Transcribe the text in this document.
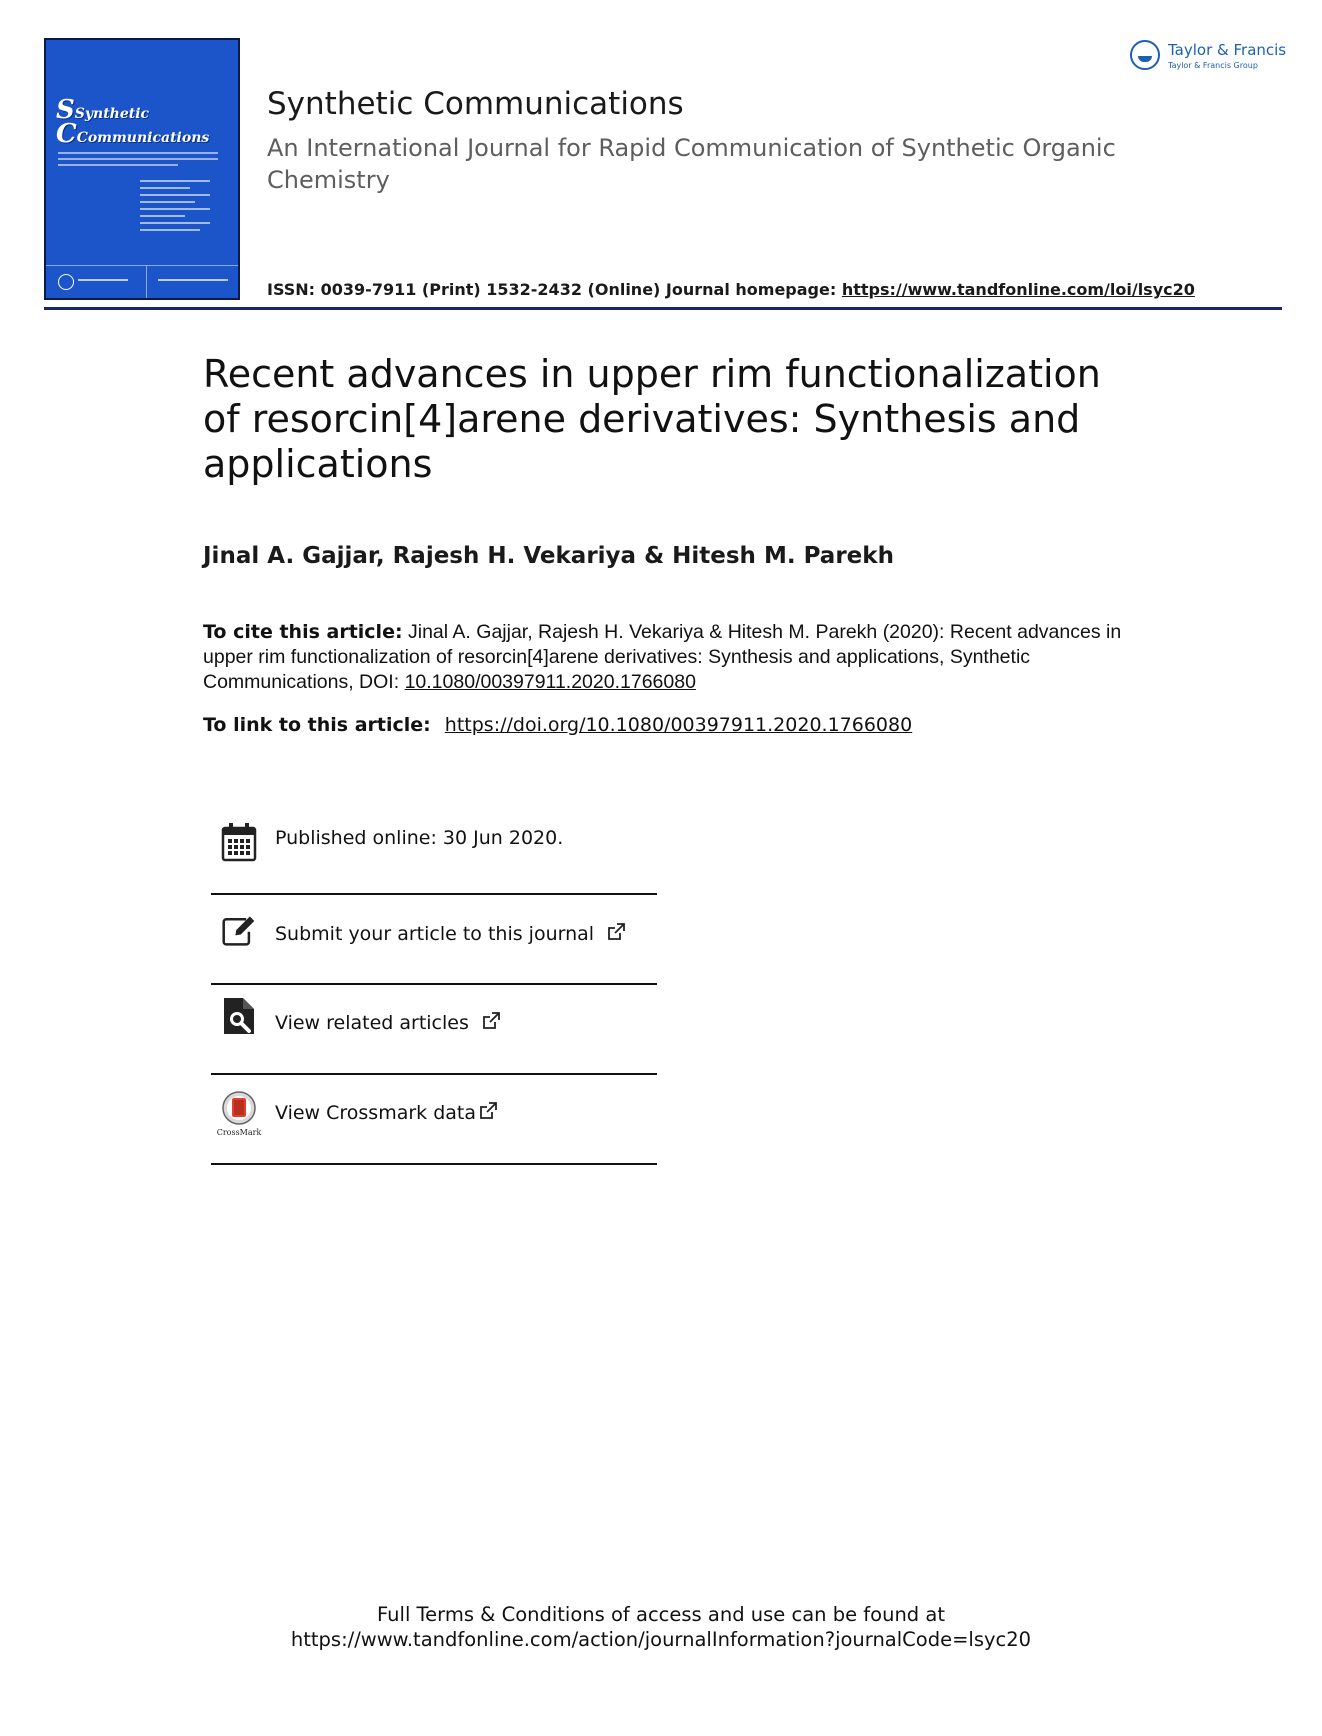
SSynthetic
CCommunications
Synthetic Communications
An International Journal for Rapid Communication of Synthetic Organic Chemistry
ISSN: 0039-7911 (Print) 1532-2432 (Online) Journal homepage: https://www.tandfonline.com/loi/lsyc20
Taylor & Francis
Taylor & Francis Group
Recent advances in upper rim functionalization of resorcin[4]arene derivatives: Synthesis and applications
Jinal A. Gajjar, Rajesh H. Vekariya & Hitesh M. Parekh
To cite this article: Jinal A. Gajjar, Rajesh H. Vekariya & Hitesh M. Parekh (2020): Recent advances in upper rim functionalization of resorcin[4]arene derivatives: Synthesis and applications, Synthetic Communications, DOI: 10.1080/00397911.2020.1766080
To link to this article: https://doi.org/10.1080/00397911.2020.1766080
Published online: 30 Jun 2020.
Submit your article to this journal
View related articles
CrossMark
View Crossmark data
Full Terms & Conditions of access and use can be found at
https://www.tandfonline.com/action/journalInformation?journalCode=lsyc20
